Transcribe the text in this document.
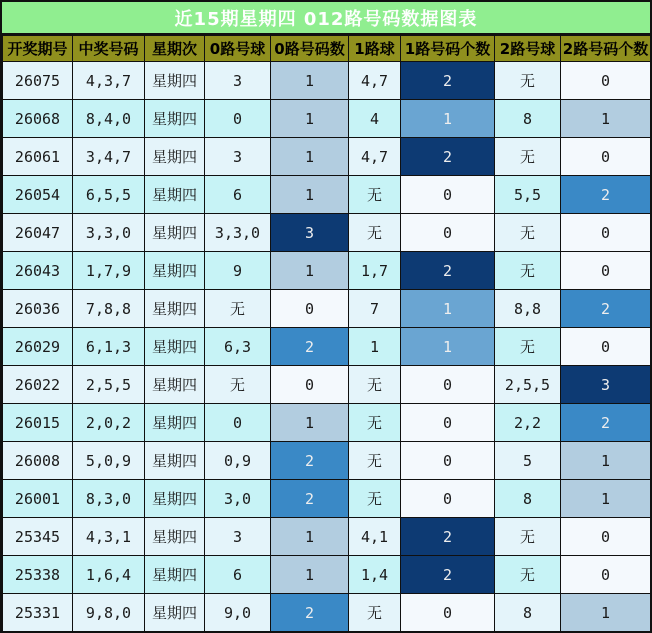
近15期星期四 012路号码数据图表
开奖期号	中奖号码	星期次	0路号球	0路号码数	1路球	1路号码个数	2路号球	2路号码个数
26075	4,3,7	星期四	3	1	4,7	2	无	0
26068	8,4,0	星期四	0	1	4	1	8	1
26061	3,4,7	星期四	3	1	4,7	2	无	0
26054	6,5,5	星期四	6	1	无	0	5,5	2
26047	3,3,0	星期四	3,3,0	3	无	0	无	0
26043	1,7,9	星期四	9	1	1,7	2	无	0
26036	7,8,8	星期四	无	0	7	1	8,8	2
26029	6,1,3	星期四	6,3	2	1	1	无	0
26022	2,5,5	星期四	无	0	无	0	2,5,5	3
26015	2,0,2	星期四	0	1	无	0	2,2	2
26008	5,0,9	星期四	0,9	2	无	0	5	1
26001	8,3,0	星期四	3,0	2	无	0	8	1
25345	4,3,1	星期四	3	1	4,1	2	无	0
25338	1,6,4	星期四	6	1	1,4	2	无	0
25331	9,8,0	星期四	9,0	2	无	0	8	1
